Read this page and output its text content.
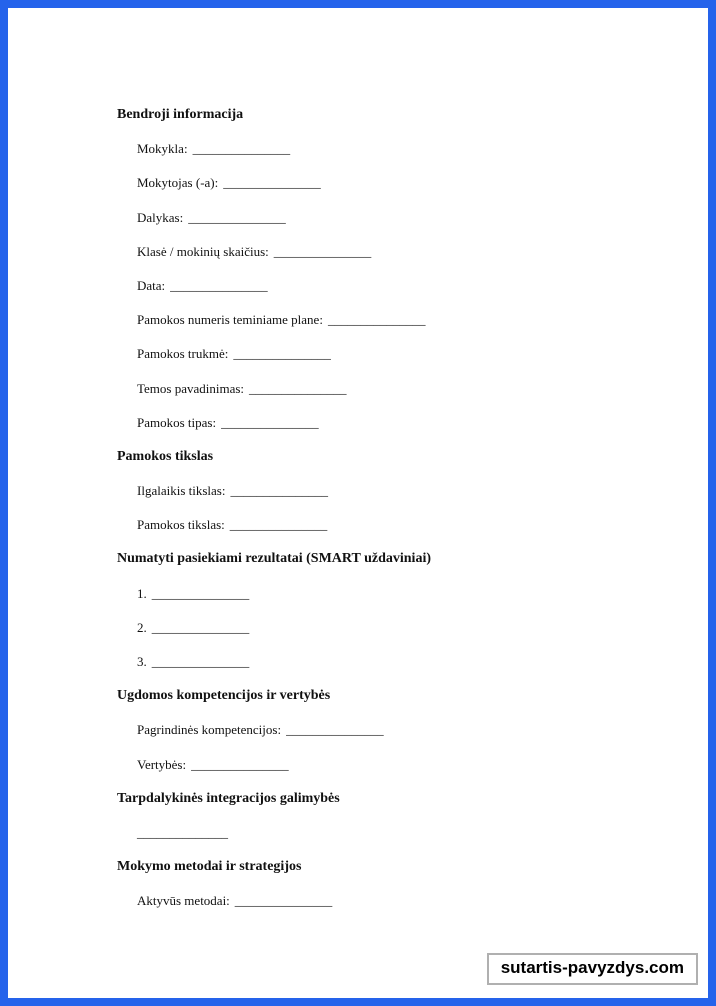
Bendroji informacija
Mokykla: _______________
Mokytojas (-a): _______________
Dalykas: _______________
Klasė / mokinių skaičius: _______________
Data: _______________
Pamokos numeris teminiame plane: _______________
Pamokos trukmė: _______________
Temos pavadinimas: _______________
Pamokos tipas: _______________
Pamokos tikslas
Ilgalaikis tikslas: _______________
Pamokos tikslas: _______________
Numatyti pasiekiami rezultatai (SMART uždaviniai)
1. _______________
2. _______________
3. _______________
Ugdomos kompetencijos ir vertybės
Pagrindinės kompetencijos: _______________
Vertybės: _______________
Tarpdalykinės integracijos galimybės
______________
Mokymo metodai ir strategijos
Aktyvūs metodai: _______________
sutartis-pavyzdys.com
